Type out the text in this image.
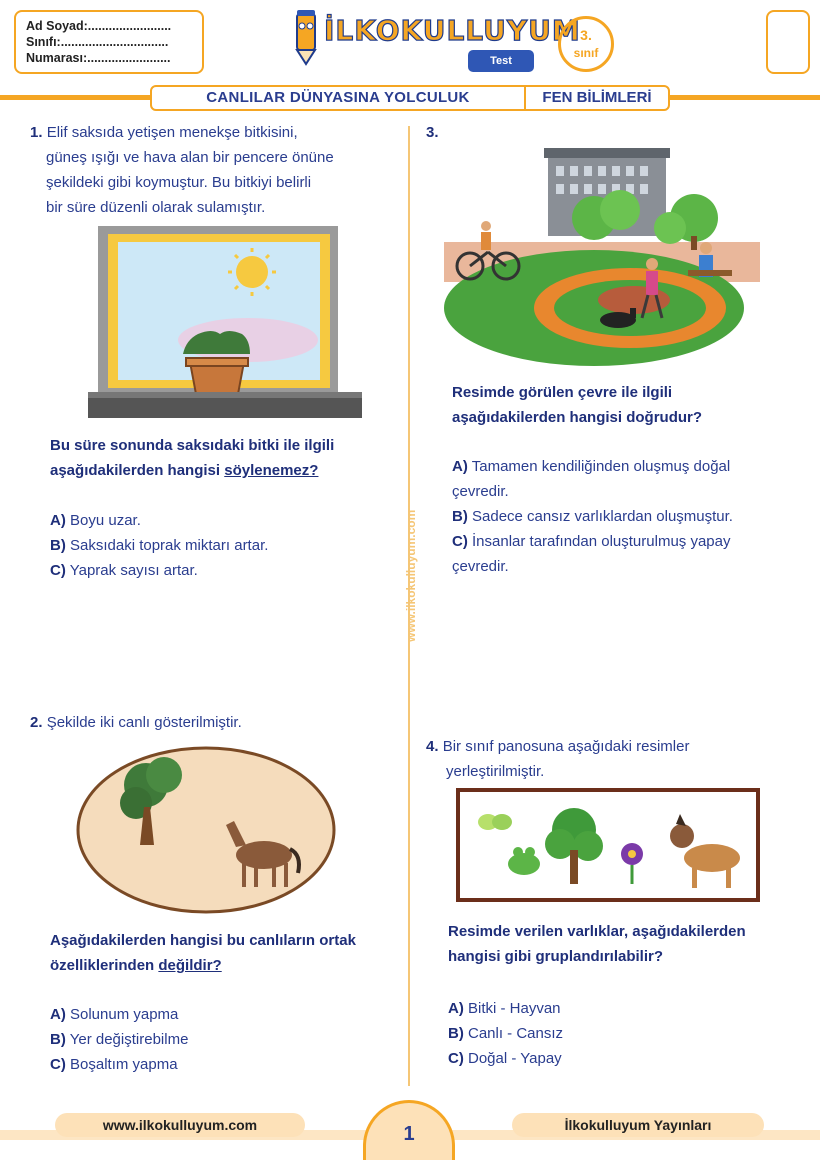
Ad Soyad:........................
Sınıfı:...............................
Numarası:........................
İLKOKULLUYUM
Test
3.
sınıf
CANLILAR DÜNYASINA YOLCULUK	FEN BİLİMLERİ
www.ilkokulluyum.com
1. Elif saksıda yetişen menekşe bitkisini,
güneş ışığı ve hava alan bir pencere önüne
şekildeki gibi koymuştur. Bu bitkiyi belirli
bir süre düzenli olarak sulamıştır.
Bu süre sonunda saksıdaki bitki ile ilgili
aşağıdakilerden hangisi söylenemez?
A) Boyu uzar.
B) Saksıdaki toprak miktarı artar.
C) Yaprak sayısı artar.
3.
Resimde görülen çevre ile ilgili
aşağıdakilerden hangisi doğrudur?
A) Tamamen kendiliğinden oluşmuş doğal
çevredir.
B) Sadece cansız varlıklardan oluşmuştur.
C) İnsanlar tarafından oluşturulmuş yapay
çevredir.
2. Şekilde iki canlı gösterilmiştir.
Aşağıdakilerden hangisi bu canlıların ortak
özelliklerinden değildir?
A) Solunum yapma
B) Yer değiştirebilme
C) Boşaltım yapma
4. Bir sınıf panosuna aşağıdaki resimler
yerleştirilmiştir.
Resimde verilen varlıklar, aşağıdakilerden
hangisi gibi gruplandırılabilir?
A) Bitki - Hayvan
B) Canlı - Cansız
C) Doğal - Yapay
www.ilkokulluyum.com	1	İlkokulluyum Yayınları
